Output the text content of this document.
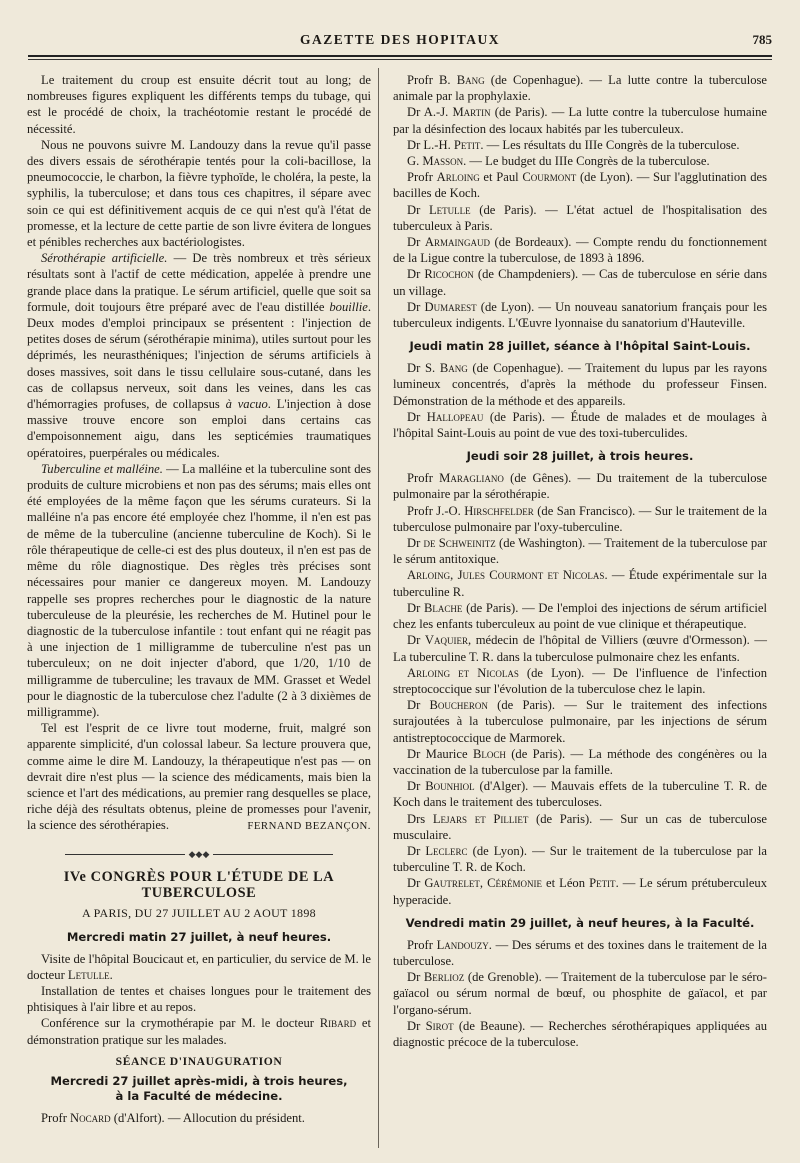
GAZETTE DES HOPITAUX	785

Le traitement du croup est ensuite décrit tout au long; de nombreuses figures expliquent les différents temps du tubage, qui est le procédé de choix, la trachéotomie restant le procédé de nécessité.

Nous ne pouvons suivre M. Landouzy dans la revue qu'il passe des divers essais de sérothérapie tentés pour la coli-bacillose, la pneumococcie, le charbon, la fièvre typhoïde, le choléra, la peste, la syphilis, la tuberculose; et dans tous ces chapitres, il sépare avec soin ce qui est définitivement acquis de ce qui n'est qu'à l'état de promesse, et la lecture de cette partie de son livre évitera de longues et pénibles recherches aux bactériologistes.

Sérothérapie artificielle. — De très nombreux et très sérieux résultats sont à l'actif de cette médication, appelée à prendre une grande place dans la pratique. Le sérum artificiel, quelle que soit sa formule, doit toujours être préparé avec de l'eau distillée bouillie. Deux modes d'emploi principaux se présentent : l'injection de petites doses de sérum (sérothérapie minima), utiles surtout pour les déprimés, les neurasthéniques; l'injection de sérums artificiels à doses massives, soit dans le tissu cellulaire sous-cutané, dans les cas de collapsus nerveux, soit dans les veines, dans les cas d'hémorragies profuses, de collapsus à vacuo. L'injection à dose massive trouve encore son emploi dans certains cas d'empoisonnement aigu, dans les septicémies traumatiques opératoires, puerpérales ou médicales.

Tuberculine et malléine. — La malléine et la tuberculine sont des produits de culture microbiens et non pas des sérums; mais elles ont été employées de la même façon que les sérums curateurs. Si la malléine n'a pas encore été employée chez l'homme, il n'en est pas de même de la tuberculine (ancienne tuberculine de Koch). Si le rôle thérapeutique de celle-ci est des plus douteux, il n'en est pas de même du rôle diagnostique. Des règles très précises sont nécessaires pour manier ce dangereux moyen. M. Landouzy rappelle ses propres recherches pour le diagnostic de la nature tuberculeuse de la pleurésie, les recherches de M. Hutinel pour le diagnostic de la tuberculose infantile : tout enfant qui ne réagit pas à une injection de 1 milligramme de tuberculine n'est pas un tuberculeux; on ne doit injecter d'abord, que 1/20, 1/10 de milligramme de tuberculine; les travaux de MM. Grasset et Wedel pour le diagnostic de la tuberculose chez l'adulte (2 à 3 dixièmes de milligramme).

Tel est l'esprit de ce livre tout moderne, fruit, malgré son apparente simplicité, d'un colossal labeur. Sa lecture prouvera que, comme aime le dire M. Landouzy, la thérapeutique n'est pas — on devrait dire n'est plus — la science des médicaments, mais bien la science et l'art des médications, au premier rang desquelles se place, riche déjà des résultats obtenus, pleine de promesses pour l'avenir, la science des sérothérapies.	FERNAND BEZANÇON.
◆◆◆
IVe CONGRÈS POUR L'ÉTUDE DE LA TUBERCULOSE
A PARIS, DU 27 JUILLET AU 2 AOUT 1898
Mercredi matin 27 juillet, à neuf heures.

Visite de l'hôpital Boucicaut et, en particulier, du service de M. le docteur Letulle.

Installation de tentes et chaises longues pour le traitement des phtisiques à l'air libre et au repos.

Conférence sur la crymothérapie par M. le docteur Ribard et démonstration pratique sur les malades.

SÉANCE D'INAUGURATION
Mercredi 27 juillet après-midi, à trois heures,
à la Faculté de médecine.

Profr Nocard (d'Alfort). — Allocution du président.

Profr B. Bang (de Copenhague). — La lutte contre la tuberculose animale par la prophylaxie.

Dr A.-J. Martin (de Paris). — La lutte contre la tuberculose humaine par la désinfection des locaux habités par les tuberculeux.

Dr L.-H. Petit. — Les résultats du IIIe Congrès de la tuberculose.

G. Masson. — Le budget du IIIe Congrès de la tuberculose.

Profr Arloing et Paul Courmont (de Lyon). — Sur l'agglutination des bacilles de Koch.

Dr Letulle (de Paris). — L'état actuel de l'hospitalisation des tuberculeux à Paris.

Dr Armaingaud (de Bordeaux). — Compte rendu du fonctionnement de la Ligue contre la tuberculose, de 1893 à 1896.

Dr Ricochon (de Champdeniers). — Cas de tuberculose en série dans un village.

Dr Dumarest (de Lyon). — Un nouveau sanatorium français pour les tuberculeux indigents. L'Œuvre lyonnaise du sanatorium d'Hauteville.

Jeudi matin 28 juillet, séance à l'hôpital Saint-Louis.

Dr S. Bang (de Copenhague). — Traitement du lupus par les rayons lumineux concentrés, d'après la méthode du professeur Finsen. Démonstration de la méthode et des appareils.

Dr Hallopeau (de Paris). — Étude de malades et de moulages à l'hôpital Saint-Louis au point de vue des toxi-tuberculides.

Jeudi soir 28 juillet, à trois heures.

Profr Maragliano (de Gênes). — Du traitement de la tuberculose pulmonaire par la sérothérapie.

Profr J.-O. Hirschfelder (de San Francisco). — Sur le traitement de la tuberculose pulmonaire par l'oxy-tuberculine.

Dr de Schweinitz (de Washington). — Traitement de la tuberculose par le sérum antitoxique.

Arloing, Jules Courmont et Nicolas. — Étude expérimentale sur la tuberculine R.

Dr Blache (de Paris). — De l'emploi des injections de sérum artificiel chez les enfants tuberculeux au point de vue clinique et thérapeutique.

Dr Vaquier, médecin de l'hôpital de Villiers (œuvre d'Ormesson). — La tuberculine T. R. dans la tuberculose pulmonaire chez les enfants.

Arloing et Nicolas (de Lyon). — De l'influence de l'infection streptococcique sur l'évolution de la tuberculose chez le lapin.

Dr Boucheron (de Paris). — Sur le traitement des infections surajoutées à la tuberculose pulmonaire, par les injections de sérum antistreptococcique de Marmorek.

Dr Maurice Bloch (de Paris). — La méthode des congénères ou la vaccination de la tuberculose par la famille.

Dr Bounhiol (d'Alger). — Mauvais effets de la tuberculine T. R. de Koch dans le traitement des tuberculoses.

Drs Lejars et Pilliet (de Paris). — Sur un cas de tuberculose musculaire.

Dr Leclerc (de Lyon). — Sur le traitement de la tuberculose par la tuberculine T. R. de Koch.

Dr Gautrelet, Cérémonie et Léon Petit. — Le sérum prétuberculeux hyperacide.

Vendredi matin 29 juillet, à neuf heures, à la Faculté.

Profr Landouzy. — Des sérums et des toxines dans le traitement de la tuberculose.

Dr Berlioz (de Grenoble). — Traitement de la tuberculose par le séro-gaïacol ou sérum normal de bœuf, ou phosphite de gaïacol, et par l'organo-sérum.

Dr Sirot (de Beaune). — Recherches sérothérapiques appliquées au diagnostic précoce de la tuberculose.
